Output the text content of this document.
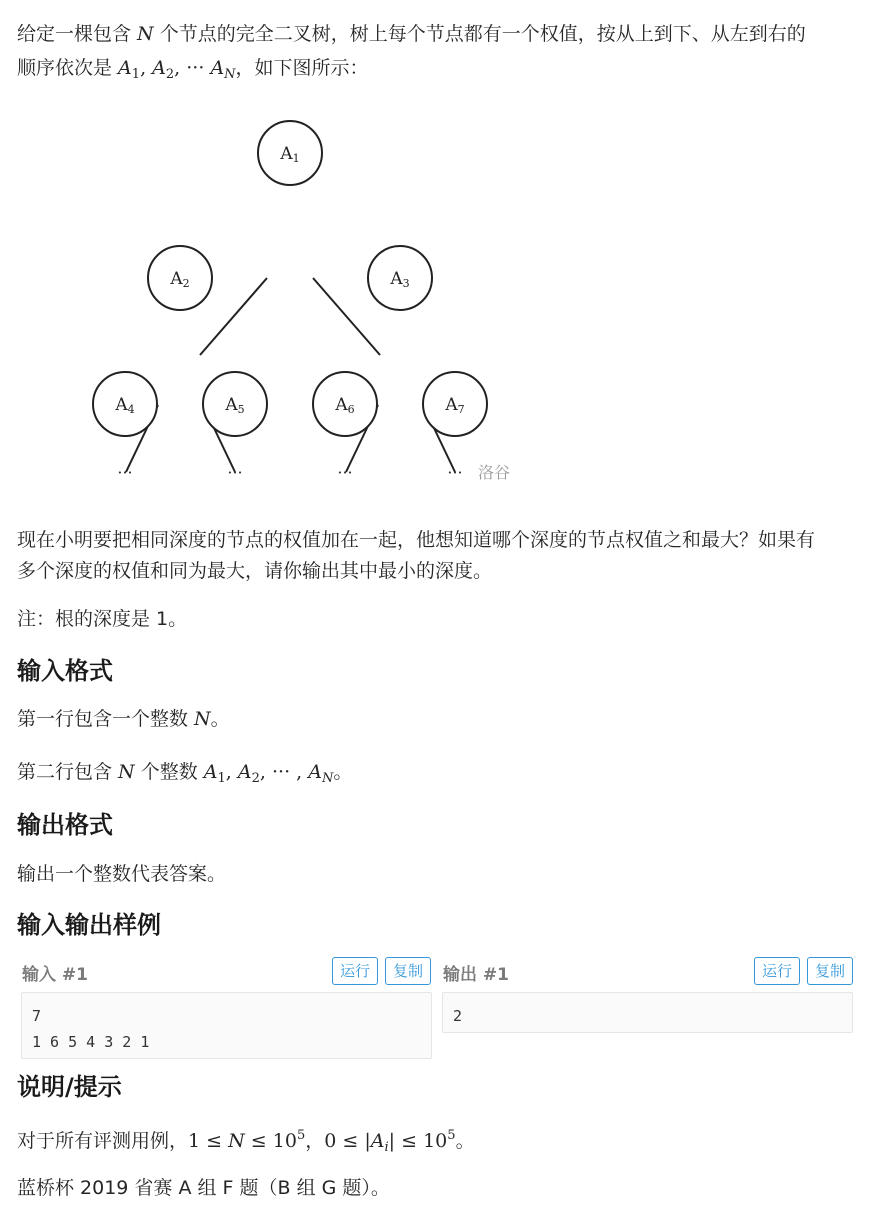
给定一棵包含 N 个节点的完全二叉树，树上每个节点都有一个权值，按从上到下、从左到右的
顺序依次是 $A_1$, $A_2$, ··· $A_N$，如下图所示：
A1
A2	A3
A4	A5	A6	A7
···	···	···	··· 洛谷
现在小明要把相同深度的节点的权值加在一起，他想知道哪个深度的节点权值之和最大？如果有
多个深度的权值和同为最大，请你输出其中最小的深度。
注：根的深度是 1。
输入格式
第一行包含一个整数 N。
第二行包含 N 个整数 $A_1$, $A_2$, ··· , $A_N$。
输出格式
输出一个整数代表答案。
输入输出样例
输入 #1	运行	复制
7
1 6 5 4 3 2 1
输出 #1	运行	复制
2
说明/提示
对于所有评测用例，$1 \le N \le 10^5$，$0 \le |A_i| \le 10^5$。
蓝桥杯 2019 省赛 A 组 F 题（B 组 G 题）。
